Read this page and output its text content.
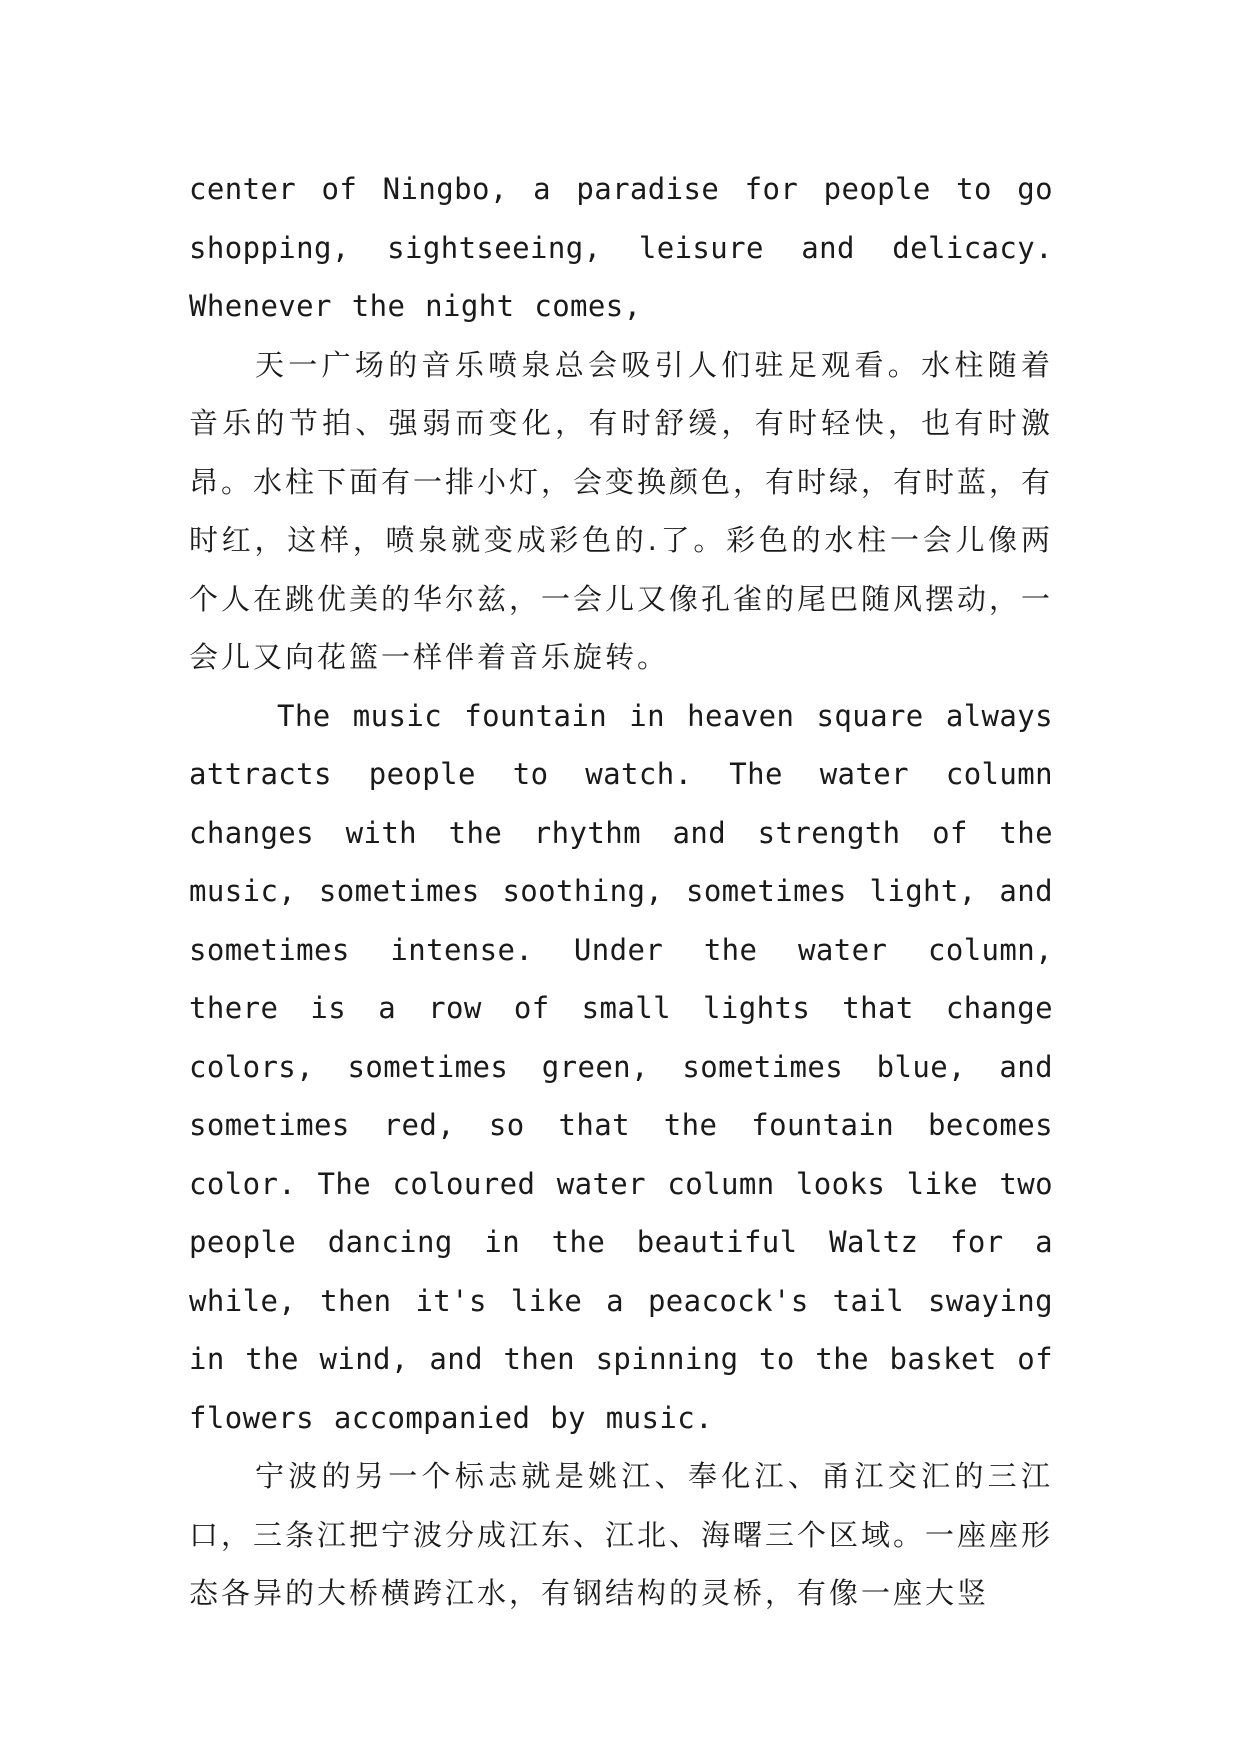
center of Ningbo, a paradise for people to go shopping, sightseeing, leisure and delicacy. Whenever the night comes,

天一广场的音乐喷泉总会吸引人们驻足观看。水柱随着音乐的节拍、强弱而变化，有时舒缓，有时轻快，也有时激昂。水柱下面有一排小灯，会变换颜色，有时绿，有时蓝，有时红，这样，喷泉就变成彩色的.了。彩色的水柱一会儿像两个人在跳优美的华尔兹，一会儿又像孔雀的尾巴随风摆动，一会儿又向花篮一样伴着音乐旋转。

The music fountain in heaven square always attracts people to watch. The water column changes with the rhythm and strength of the music, sometimes soothing, sometimes light, and sometimes intense. Under the water column, there is a row of small lights that change colors, sometimes green, sometimes blue, and sometimes red, so that the fountain becomes color. The coloured water column looks like two people dancing in the beautiful Waltz for a while, then it's like a peacock's tail swaying in the wind, and then spinning to the basket of flowers accompanied by music.

宁波的另一个标志就是姚江、奉化江、甬江交汇的三江口，三条江把宁波分成江东、江北、海曙三个区域。一座座形态各异的大桥横跨江水，有钢结构的灵桥，有像一座大竖
